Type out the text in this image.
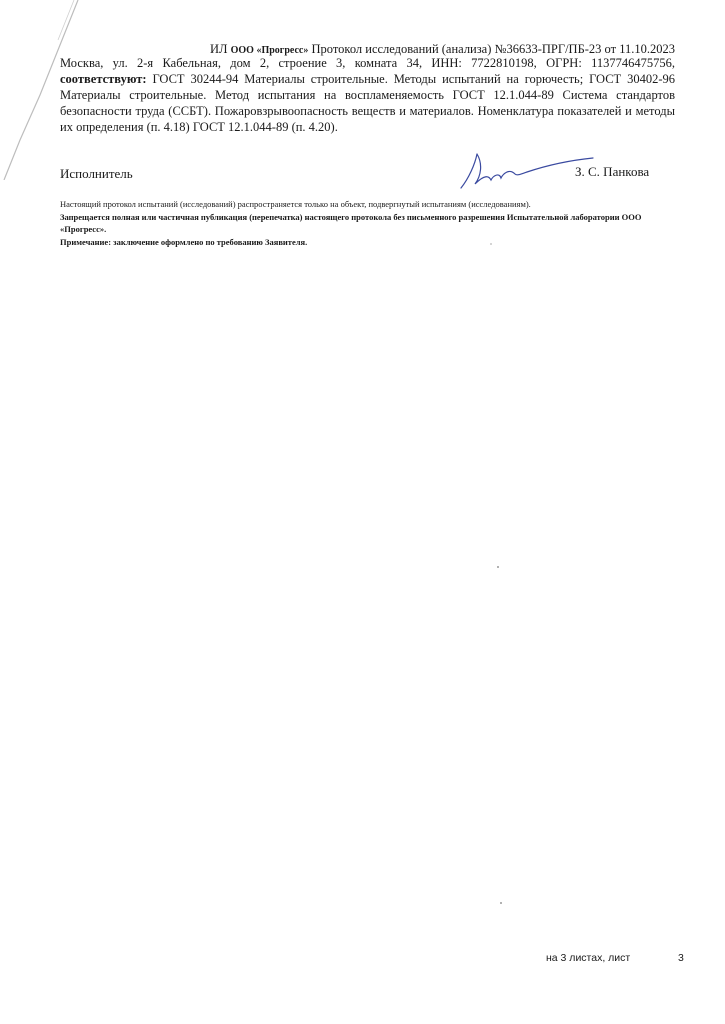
ИЛ ООО «Прогресс» Протокол исследований (анализа) №36633-ПРГ/ПБ-23 от 11.10.2023
Москва, ул. 2-я Кабельная, дом 2, строение 3, комната 34, ИНН: 7722810198, ОГРН: 1137746475756, соответствуют: ГОСТ 30244-94 Материалы строительные. Методы испытаний на горючесть; ГОСТ 30402-96 Материалы строительные. Метод испытания на воспламеняемость ГОСТ 12.1.044-89 Система стандартов безопасности труда (ССБТ). Пожаровзрывоопасность веществ и материалов. Номенклатура показателей и методы их определения (п. 4.18) ГОСТ 12.1.044-89 (п. 4.20).
Исполнитель	З. С. Панкова
Настоящий протокол испытаний (исследований) распространяется только на объект, подвергнутый испытаниям (исследованиям).
Запрещается полная или частичная публикация (перепечатка) настоящего протокола без письменного разрешения Испытательной лаборатории ООО «Прогресс».
Примечание: заключение оформлено по требованию Заявителя.
на 3 листах, лист	3
